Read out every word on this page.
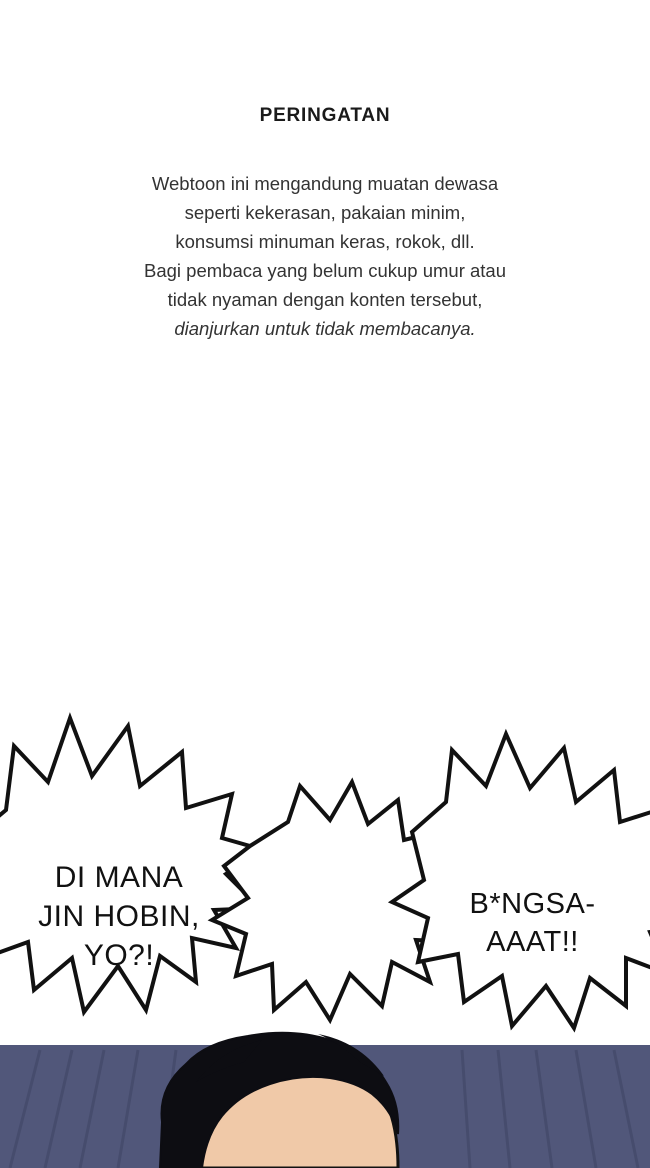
PERINGATAN
Webtoon ini mengandung muatan dewasa
seperti kekerasan, pakaian minim,
konsumsi minuman keras, rokok, dll.
Bagi pembaca yang belum cukup umur atau
tidak nyaman dengan konten tersebut,
dianjurkan untuk tidak membacanya.
DI MANA
JIN HOBIN,
YO?!
B*NGSA-
AAAT!!
